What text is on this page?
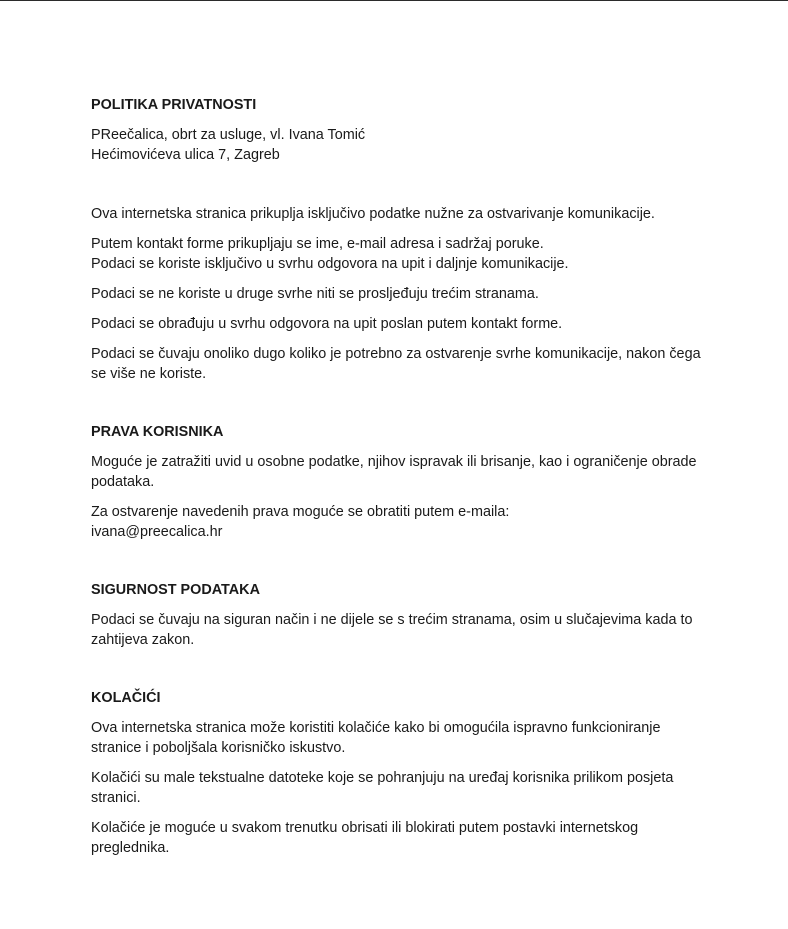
POLITIKA PRIVATNOSTI

PReečalica, obrt za usluge, vl. Ivana Tomić
Hećimovićeva ulica 7, Zagreb

Ova internetska stranica prikuplja isključivo podatke nužne za ostvarivanje komunikacije.

Putem kontakt forme prikupljaju se ime, e-mail adresa i sadržaj poruke.
Podaci se koriste isključivo u svrhu odgovora na upit i daljnje komunikacije.

Podaci se ne koriste u druge svrhe niti se prosljeđuju trećim stranama.

Podaci se obrađuju u svrhu odgovora na upit poslan putem kontakt forme.

Podaci se čuvaju onoliko dugo koliko je potrebno za ostvarenje svrhe komunikacije, nakon čega
se više ne koriste.

PRAVA KORISNIKA

Moguće je zatražiti uvid u osobne podatke, njihov ispravak ili brisanje, kao i ograničenje obrade
podataka.

Za ostvarenje navedenih prava moguće se obratiti putem e-maila:
ivana@preecalica.hr

SIGURNOST PODATAKA

Podaci se čuvaju na siguran način i ne dijele se s trećim stranama, osim u slučajevima kada to
zahtijeva zakon.

KOLAČIĆI

Ova internetska stranica može koristiti kolačiće kako bi omogućila ispravno funkcioniranje
stranice i poboljšala korisničko iskustvo.

Kolačići su male tekstualne datoteke koje se pohranjuju na uređaj korisnika prilikom posjeta
stranici.

Kolačiće je moguće u svakom trenutku obrisati ili blokirati putem postavki internetskog
preglednika.
